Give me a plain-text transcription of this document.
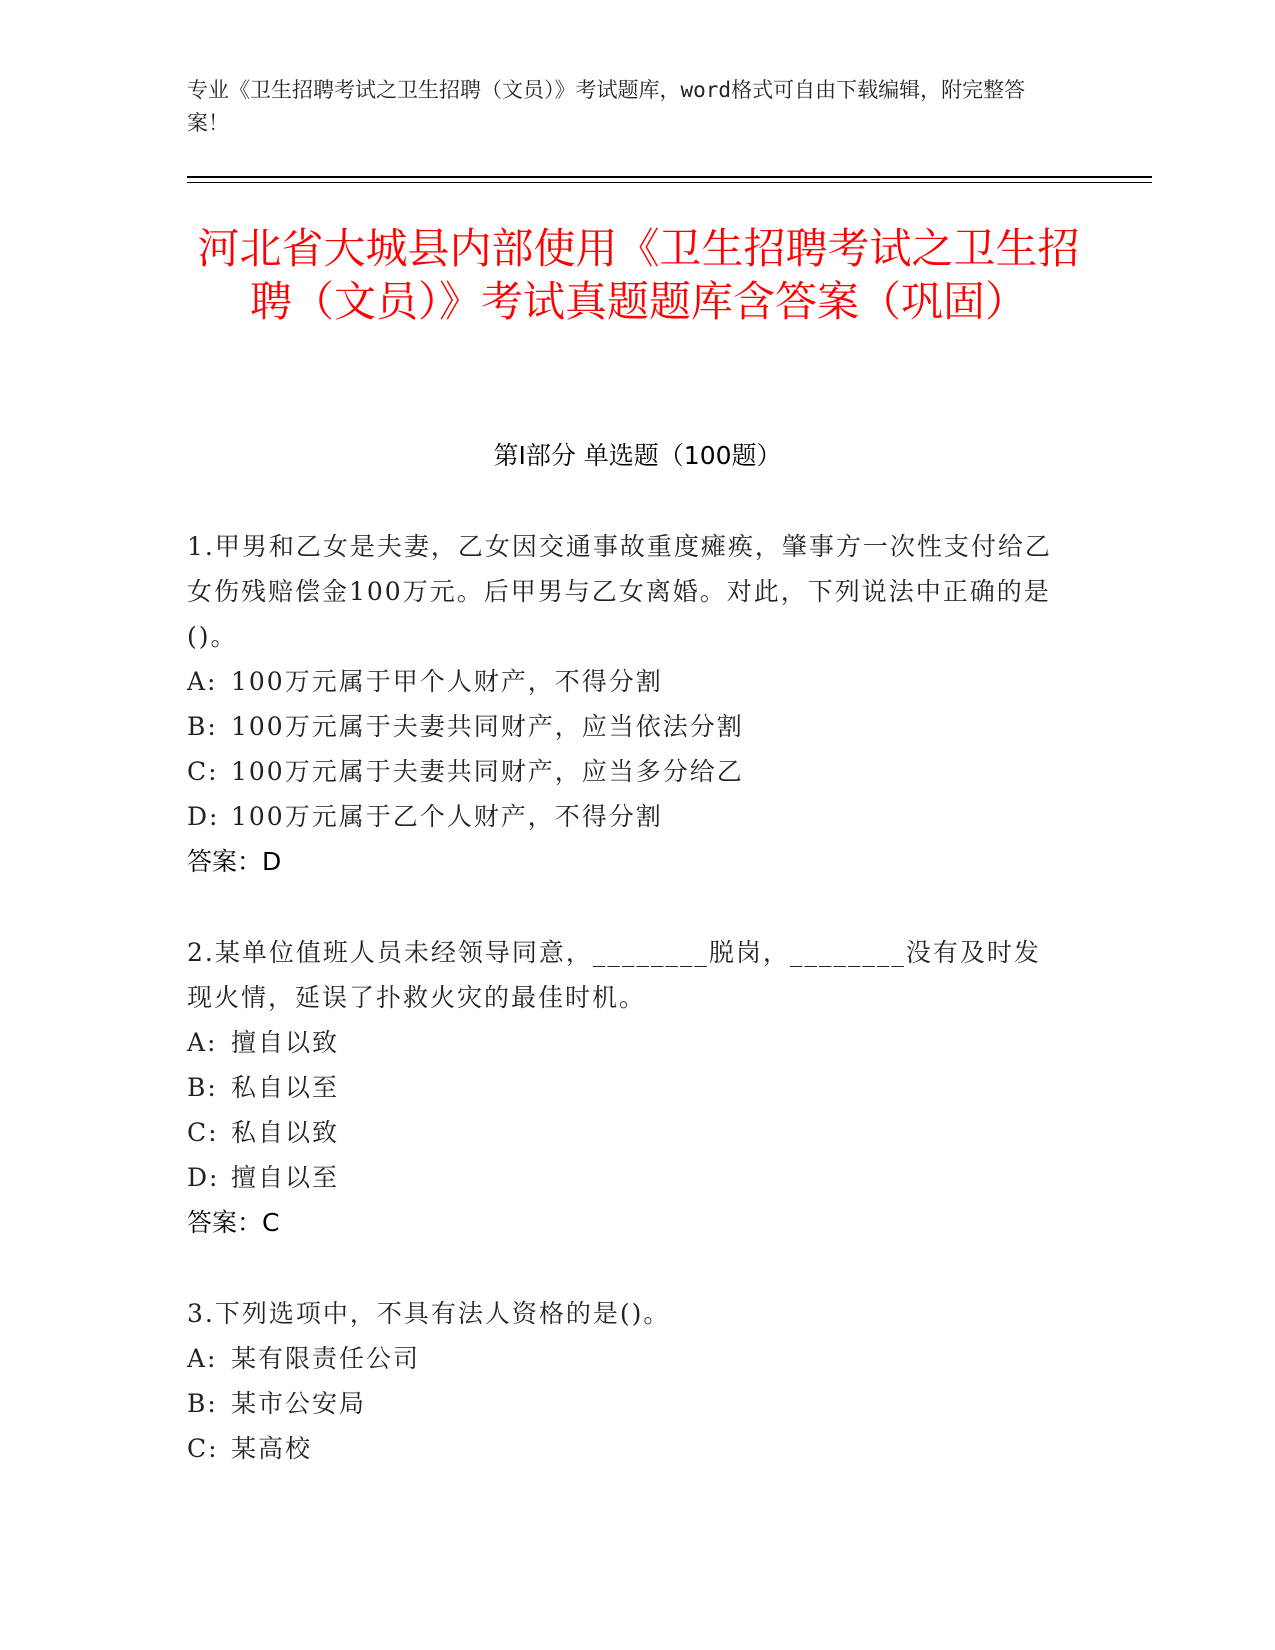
专业《卫生招聘考试之卫生招聘（文员）》考试题库，word格式可自由下载编辑，附完整答案！
河北省大城县内部使用《卫生招聘考试之卫生招聘（文员）》考试真题题库含答案（巩固）
第Ⅰ部分 单选题（100题）
1.甲男和乙女是夫妻，乙女因交通事故重度瘫痪，肇事方一次性支付给乙女伤残赔偿金100万元。后甲男与乙女离婚。对此，下列说法中正确的是()。
A: 100万元属于甲个人财产，不得分割
B: 100万元属于夫妻共同财产，应当依法分割
C: 100万元属于夫妻共同财产，应当多分给乙
D: 100万元属于乙个人财产，不得分割
答案：D
2.某单位值班人员未经领导同意，________脱岗，________没有及时发现火情，延误了扑救火灾的最佳时机。
A: 擅自以致
B: 私自以至
C: 私自以致
D: 擅自以至
答案：C
3.下列选项中，不具有法人资格的是()。
A: 某有限责任公司
B: 某市公安局
C: 某高校
